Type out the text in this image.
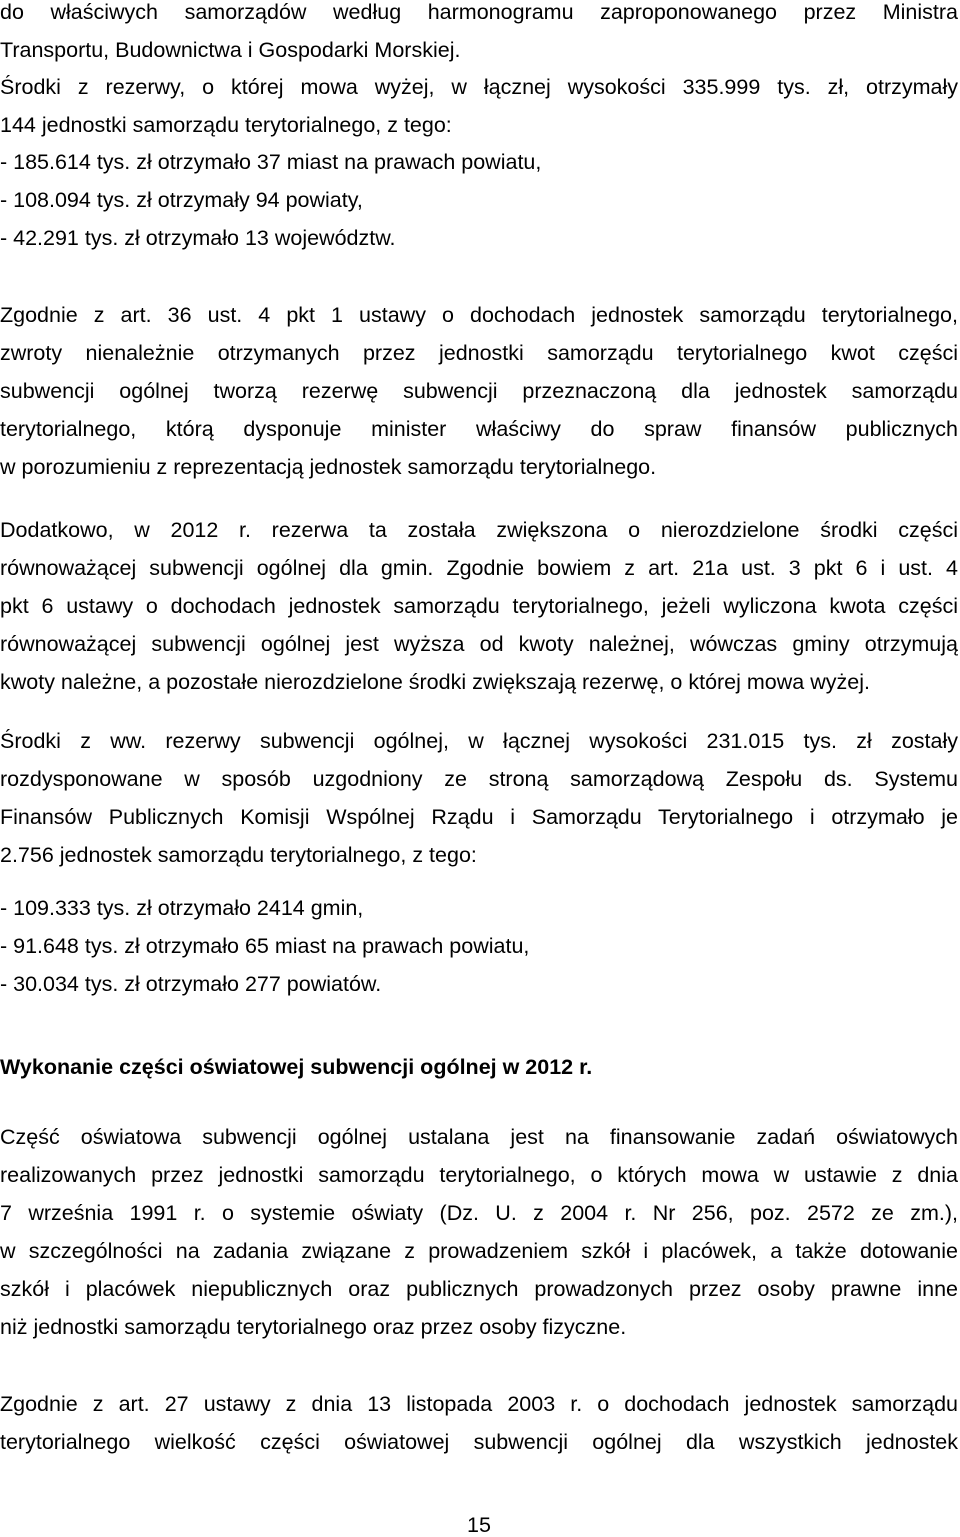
do właściwych samorządów według harmonogramu zaproponowanego przez Ministra
Transportu, Budownictwa i Gospodarki Morskiej.
Środki z rezerwy, o której mowa wyżej, w łącznej wysokości 335.999 tys. zł, otrzymały
144 jednostki samorządu terytorialnego, z tego:
- 185.614 tys. zł otrzymało 37 miast na prawach powiatu,
- 108.094 tys. zł otrzymały 94 powiaty,
- 42.291 tys. zł otrzymało 13 województw.
Zgodnie z art. 36 ust. 4 pkt 1 ustawy o dochodach jednostek samorządu terytorialnego,
zwroty nienależnie otrzymanych przez jednostki samorządu terytorialnego kwot części
subwencji ogólnej tworzą rezerwę subwencji przeznaczoną dla jednostek samorządu
terytorialnego, którą dysponuje minister właściwy do spraw finansów publicznych
w porozumieniu z reprezentacją jednostek samorządu terytorialnego.
Dodatkowo, w 2012 r. rezerwa ta została zwiększona o nierozdzielone środki części
równoważącej subwencji ogólnej dla gmin. Zgodnie bowiem z art. 21a ust. 3 pkt 6 i ust. 4
pkt 6 ustawy o dochodach jednostek samorządu terytorialnego, jeżeli wyliczona kwota części
równoważącej subwencji ogólnej jest wyższa od kwoty należnej, wówczas gminy otrzymują
kwoty należne, a pozostałe nierozdzielone środki zwiększają rezerwę, o której mowa wyżej.
Środki z ww. rezerwy subwencji ogólnej, w łącznej wysokości 231.015 tys. zł zostały
rozdysponowane w sposób uzgodniony ze stroną samorządową Zespołu ds. Systemu
Finansów Publicznych Komisji Wspólnej Rządu i Samorządu Terytorialnego i otrzymało je
2.756 jednostek samorządu terytorialnego, z tego:
- 109.333 tys. zł otrzymało 2414 gmin,
- 91.648 tys. zł otrzymało 65 miast na prawach powiatu,
- 30.034 tys. zł otrzymało 277 powiatów.
Wykonanie części oświatowej subwencji ogólnej w 2012 r.
Część oświatowa subwencji ogólnej ustalana jest na finansowanie zadań oświatowych
realizowanych przez jednostki samorządu terytorialnego, o których mowa w ustawie z dnia
7 września 1991 r. o systemie oświaty (Dz. U. z 2004 r. Nr 256, poz. 2572 ze zm.),
w szczególności na zadania związane z prowadzeniem szkół i placówek, a także dotowanie
szkół i placówek niepublicznych oraz publicznych prowadzonych przez osoby prawne inne
niż jednostki samorządu terytorialnego oraz przez osoby fizyczne.
Zgodnie z art. 27 ustawy z dnia 13 listopada 2003 r. o dochodach jednostek samorządu
terytorialnego wielkość części oświatowej subwencji ogólnej dla wszystkich jednostek
15
